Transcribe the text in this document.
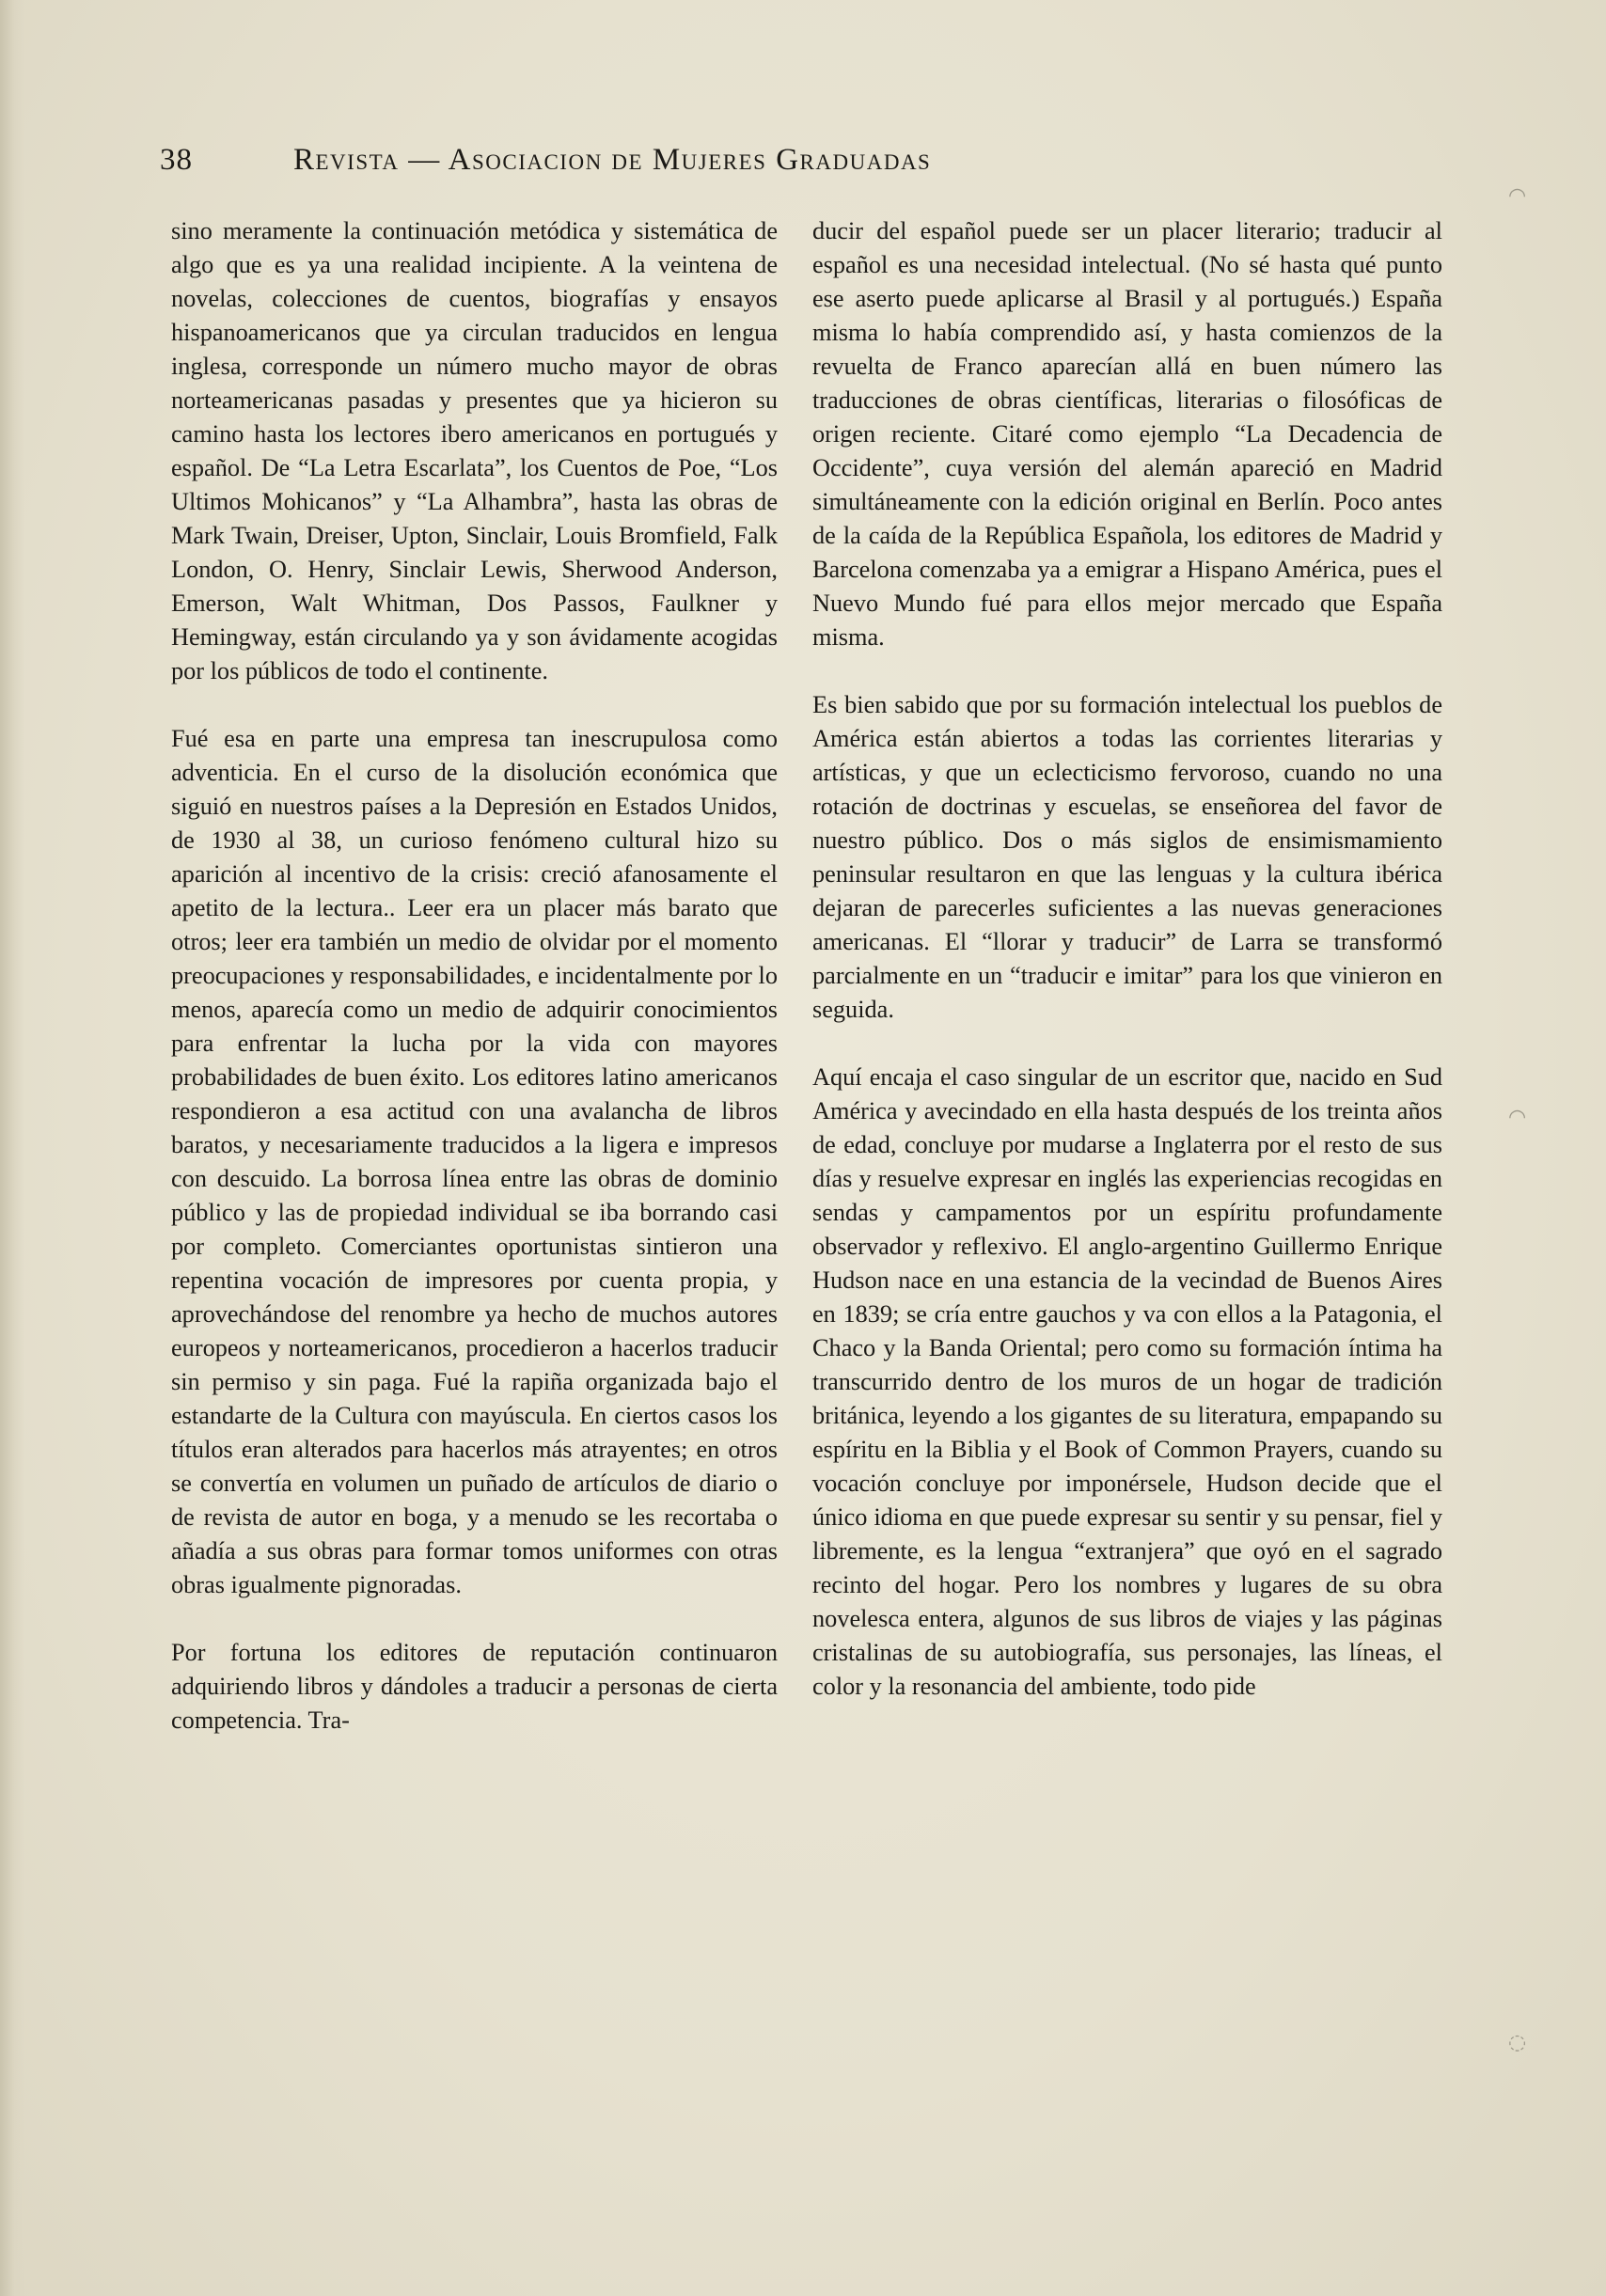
38	Revista — Asociacion de Mujeres Graduadas

sino meramente la continuación metódica y sistemática de algo que es ya una realidad incipiente. A la veintena de novelas, colecciones de cuentos, biografías y ensayos hispanoamericanos que ya circulan traducidos en lengua inglesa, corresponde un número mucho mayor de obras norteamericanas pasadas y presentes que ya hicieron su camino hasta los lectores ibero americanos en portugués y español. De “La Letra Escarlata”, los Cuentos de Poe, “Los Ultimos Mohicanos” y “La Alhambra”, hasta las obras de Mark Twain, Dreiser, Upton, Sinclair, Louis Bromfield, Falk London, O. Henry, Sinclair Lewis, Sherwood Anderson, Emerson, Walt Whitman, Dos Passos, Faulkner y Hemingway, están circulando ya y son ávidamente acogidas por los públicos de todo el continente.

Fué esa en parte una empresa tan inescrupulosa como adventicia. En el curso de la disolución económica que siguió en nuestros países a la Depresión en Estados Unidos, de 1930 al 38, un curioso fenómeno cultural hizo su aparición al incentivo de la crisis: creció afanosamente el apetito de la lectura.. Leer era un placer más barato que otros; leer era también un medio de olvidar por el momento preocupaciones y responsabilidades, e incidentalmente por lo menos, aparecía como un medio de adquirir conocimientos para enfrentar la lucha por la vida con mayores probabilidades de buen éxito. Los editores latino americanos respondieron a esa actitud con una avalancha de libros baratos, y necesariamente traducidos a la ligera e impresos con descuido. La borrosa línea entre las obras de dominio público y las de propiedad individual se iba borrando casi por completo. Comerciantes oportunistas sintieron una repentina vocación de impresores por cuenta propia, y aprovechándose del renombre ya hecho de muchos autores europeos y norteamericanos, procedieron a hacerlos traducir sin permiso y sin paga. Fué la rapiña organizada bajo el estandarte de la Cultura con mayúscula. En ciertos casos los títulos eran alterados para hacerlos más atrayentes; en otros se convertía en volumen un puñado de artículos de diario o de revista de autor en boga, y a menudo se les recortaba o añadía a sus obras para formar tomos uniformes con otras obras igualmente pignoradas.

Por fortuna los editores de reputación continuaron adquiriendo libros y dándoles a traducir a personas de cierta competencia. Tra-

ducir del español puede ser un placer literario; traducir al español es una necesidad intelectual. (No sé hasta qué punto ese aserto puede aplicarse al Brasil y al portugués.) España misma lo había comprendido así, y hasta comienzos de la revuelta de Franco aparecían allá en buen número las traducciones de obras científicas, literarias o filosóficas de origen reciente. Citaré como ejemplo “La Decadencia de Occidente”, cuya versión del alemán apareció en Madrid simultáneamente con la edición original en Berlín. Poco antes de la caída de la República Española, los editores de Madrid y Barcelona comenzaba ya a emigrar a Hispano América, pues el Nuevo Mundo fué para ellos mejor mercado que España misma.

Es bien sabido que por su formación intelectual los pueblos de América están abiertos a todas las corrientes literarias y artísticas, y que un eclecticismo fervoroso, cuando no una rotación de doctrinas y escuelas, se enseñorea del favor de nuestro público. Dos o más siglos de ensimismamiento peninsular resultaron en que las lenguas y la cultura ibérica dejaran de parecerles suficientes a las nuevas generaciones americanas. El “llorar y traducir” de Larra se transformó parcialmente en un “traducir e imitar” para los que vinieron en seguida.

Aquí encaja el caso singular de un escritor que, nacido en Sud América y avecindado en ella hasta después de los treinta años de edad, concluye por mudarse a Inglaterra por el resto de sus días y resuelve expresar en inglés las experiencias recogidas en sendas y campamentos por un espíritu profundamente observador y reflexivo. El anglo-argentino Guillermo Enrique Hudson nace en una estancia de la vecindad de Buenos Aires en 1839; se cría entre gauchos y va con ellos a la Patagonia, el Chaco y la Banda Oriental; pero como su formación íntima ha transcurrido dentro de los muros de un hogar de tradición británica, leyendo a los gigantes de su literatura, empapando su espíritu en la Biblia y el Book of Common Prayers, cuando su vocación concluye por imponérsele, Hudson decide que el único idioma en que puede expresar su sentir y su pensar, fiel y libremente, es la lengua “extranjera” que oyó en el sagrado recinto del hogar. Pero los nombres y lugares de su obra novelesca entera, algunos de sus libros de viajes y las páginas cristalinas de su autobiografía, sus personajes, las líneas, el color y la resonancia del ambiente, todo pide

◠
◠
◌
